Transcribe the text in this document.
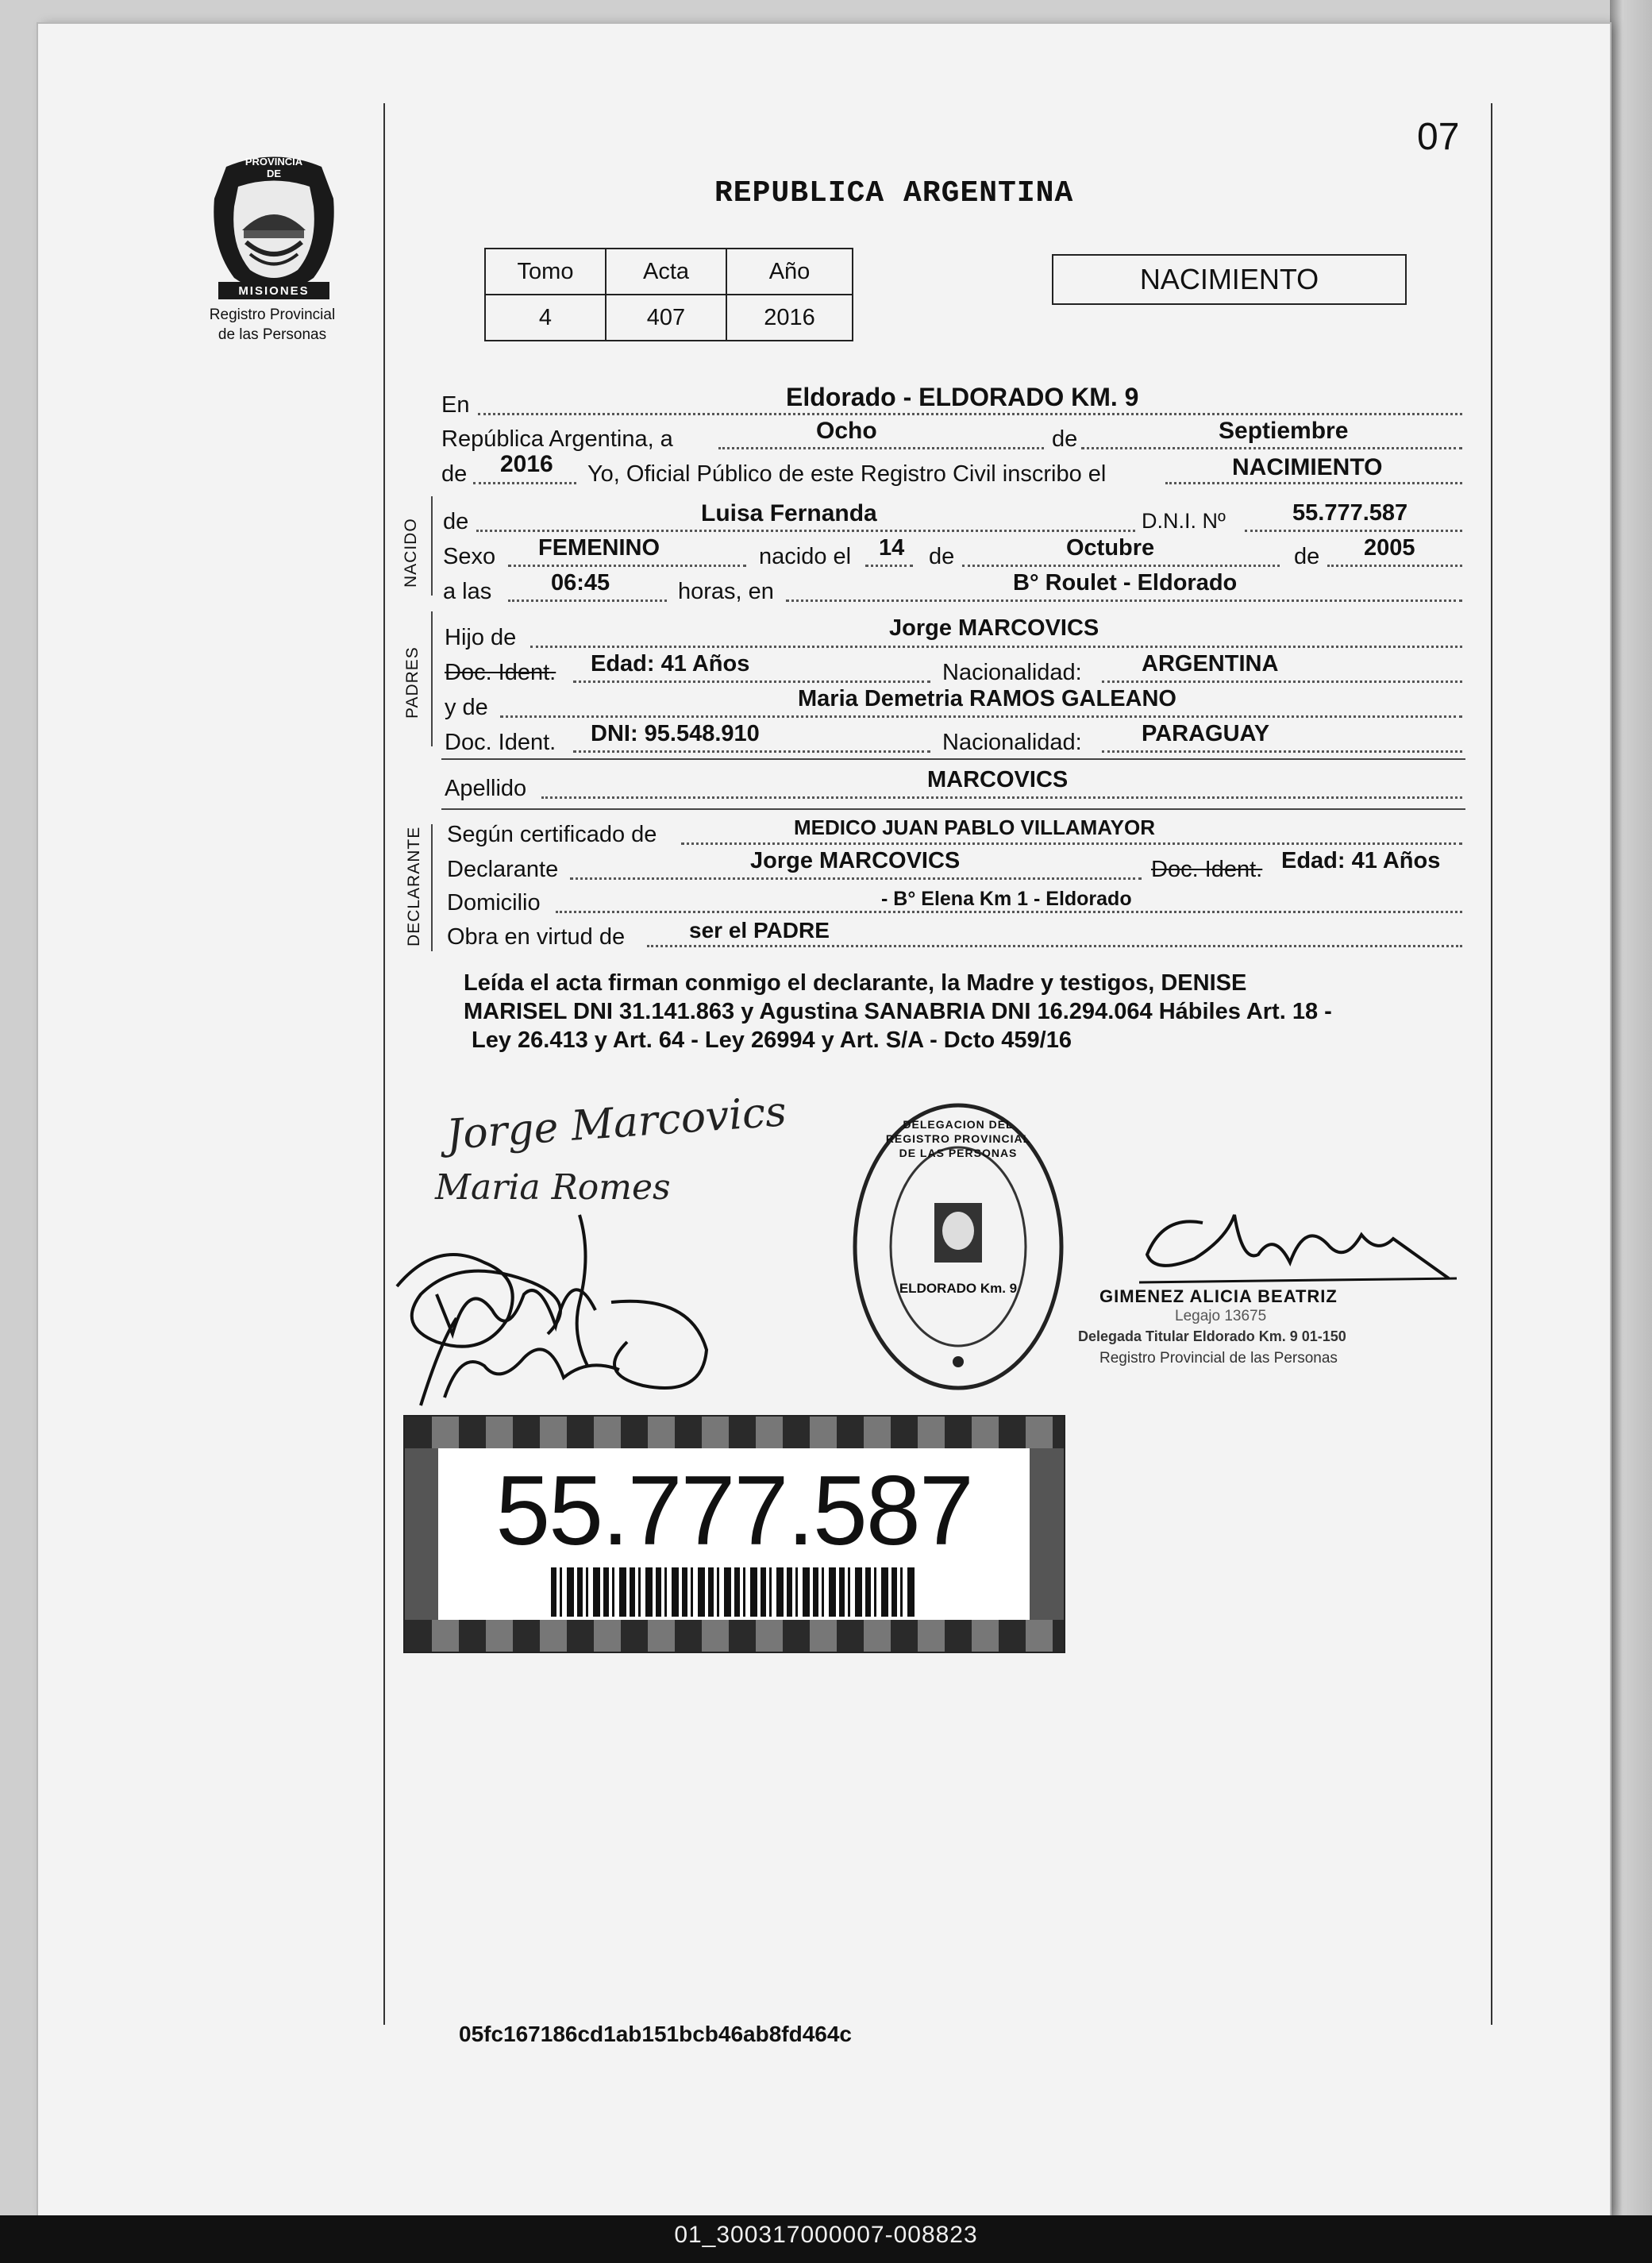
07
PROVINCIA DE
MISIONES
Registro Provincial
de las Personas
REPUBLICA ARGENTINA
NACIMIENTO
Tomo	Acta	Año
4	407	2016
En	Eldorado - ELDORADO KM. 9
República Argentina, a	Ocho	de	Septiembre
de 2016 Yo, Oficial Público de este Registro Civil inscribo el	NACIMIENTO
NACIDO de	Luisa Fernanda	D.N.I. Nº	55.777.587
Sexo FEMENINO	nacido el 14 de	Octubre	de 2005
a las	06:45	horas, en	B° Roulet - Eldorado
PADRES
Hijo de	Jorge MARCOVICS
Doc. Ident. Edad: 41 Años	Nacionalidad:	ARGENTINA
y de	Maria Demetria RAMOS GALEANO
Doc. Ident. DNI: 95.548.910	Nacionalidad:	PARAGUAY
Apellido	MARCOVICS
DECLARANTE Según certificado de	MEDICO JUAN PABLO VILLAMAYOR
Declarante	Jorge MARCOVICS	Doc. Ident. Edad: 41 Años
Domicilio	- B° Elena Km 1 - Eldorado
Obra en virtud de	ser el PADRE
Leída el acta firman conmigo el declarante, la Madre y testigos, DENISE
MARISEL DNI 31.141.863 y Agustina SANABRIA DNI 16.294.064 Hábiles Art. 18 -
Ley 26.413 y Art. 64 - Ley 26994 y Art. S/A - Dcto 459/16
Jorge Marcovics
Maria Romes
DELEGACION DEL REGISTRO PROVINCIAL DE LAS PERSONAS
ELDORADO Km. 9	GIMENEZ ALICIA BEATRIZ
Legajo 13675
Delegada Titular Eldorado Km. 9 01-150
Registro Provincial de las Personas
55.777.587
05fc167186cd1ab151bcb46ab8fd464c
01_300317000007-008823
